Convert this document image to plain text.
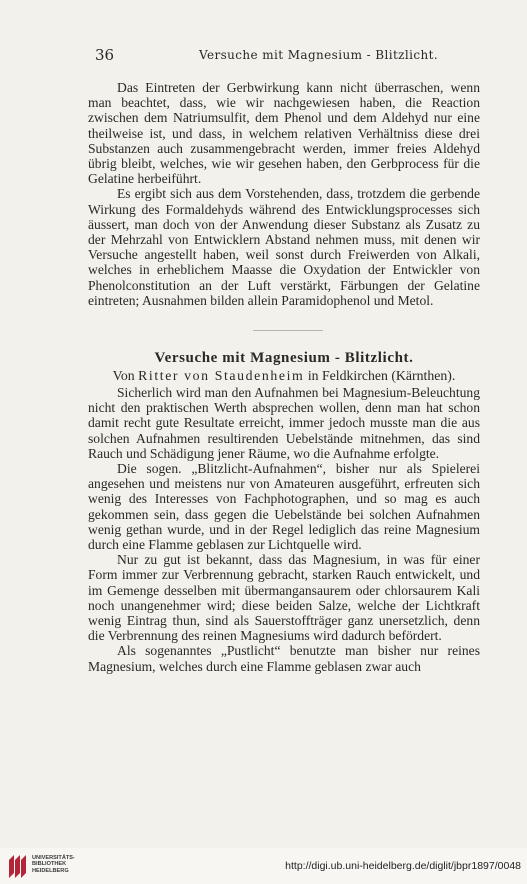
36	Versuche mit Magnesium - Blitzlicht.

Das Eintreten der Gerbwirkung kann nicht überraschen, wenn man beachtet, dass, wie wir nachgewiesen haben, die Reaction zwischen dem Natriumsulfit, dem Phenol und dem Aldehyd nur eine theilweise ist, und dass, in welchem relativen Verhältniss diese drei Substanzen auch zusammengebracht werden, immer freies Aldehyd übrig bleibt, welches, wie wir gesehen haben, den Gerbprocess für die Gelatine herbeiführt.

Es ergibt sich aus dem Vorstehenden, dass, trotzdem die gerbende Wirkung des Formaldehyds während des Entwicklungsprocesses sich äussert, man doch von der Anwendung dieser Substanz als Zusatz zu der Mehrzahl von Entwicklern Abstand nehmen muss, mit denen wir Versuche angestellt haben, weil sonst durch Freiwerden von Alkali, welches in erheblichem Maasse die Oxydation der Entwickler von Phenolconstitution an der Luft verstärkt, Färbungen der Gelatine eintreten; Ausnahmen bilden allein Paramidophenol und Metol.

Versuche mit Magnesium - Blitzlicht.
Von Ritter von Staudenheim in Feldkirchen (Kärnthen).

Sicherlich wird man den Aufnahmen bei Magnesium-Beleuchtung nicht den praktischen Werth absprechen wollen, denn man hat schon damit recht gute Resultate erreicht, immer jedoch musste man die aus solchen Aufnahmen resultirenden Uebelstände mitnehmen, das sind Rauch und Schädigung jener Räume, wo die Aufnahme erfolgte.

Die sogen. „Blitzlicht-Aufnahmen“, bisher nur als Spielerei angesehen und meistens nur von Amateuren ausgeführt, erfreuten sich wenig des Interesses von Fachphotographen, und so mag es auch gekommen sein, dass gegen die Uebelstände bei solchen Aufnahmen wenig gethan wurde, und in der Regel lediglich das reine Magnesium durch eine Flamme geblasen zur Lichtquelle wird.

Nur zu gut ist bekannt, dass das Magnesium, in was für einer Form immer zur Verbrennung gebracht, starken Rauch entwickelt, und im Gemenge desselben mit übermangansaurem oder chlorsaurem Kali noch unangenehmer wird; diese beiden Salze, welche der Lichtkraft wenig Eintrag thun, sind als Sauerstoffträger ganz unersetzlich, denn die Verbrennung des reinen Magnesiums wird dadurch befördert.

Als sogenanntes „Pustlicht“ benutzte man bisher nur reines Magnesium, welches durch eine Flamme geblasen zwar auch

UNIVERSITÄTS-
BIBLIOTHEK
HEIDELBERG	http://digi.ub.uni-heidelberg.de/diglit/jbpr1897/0048
